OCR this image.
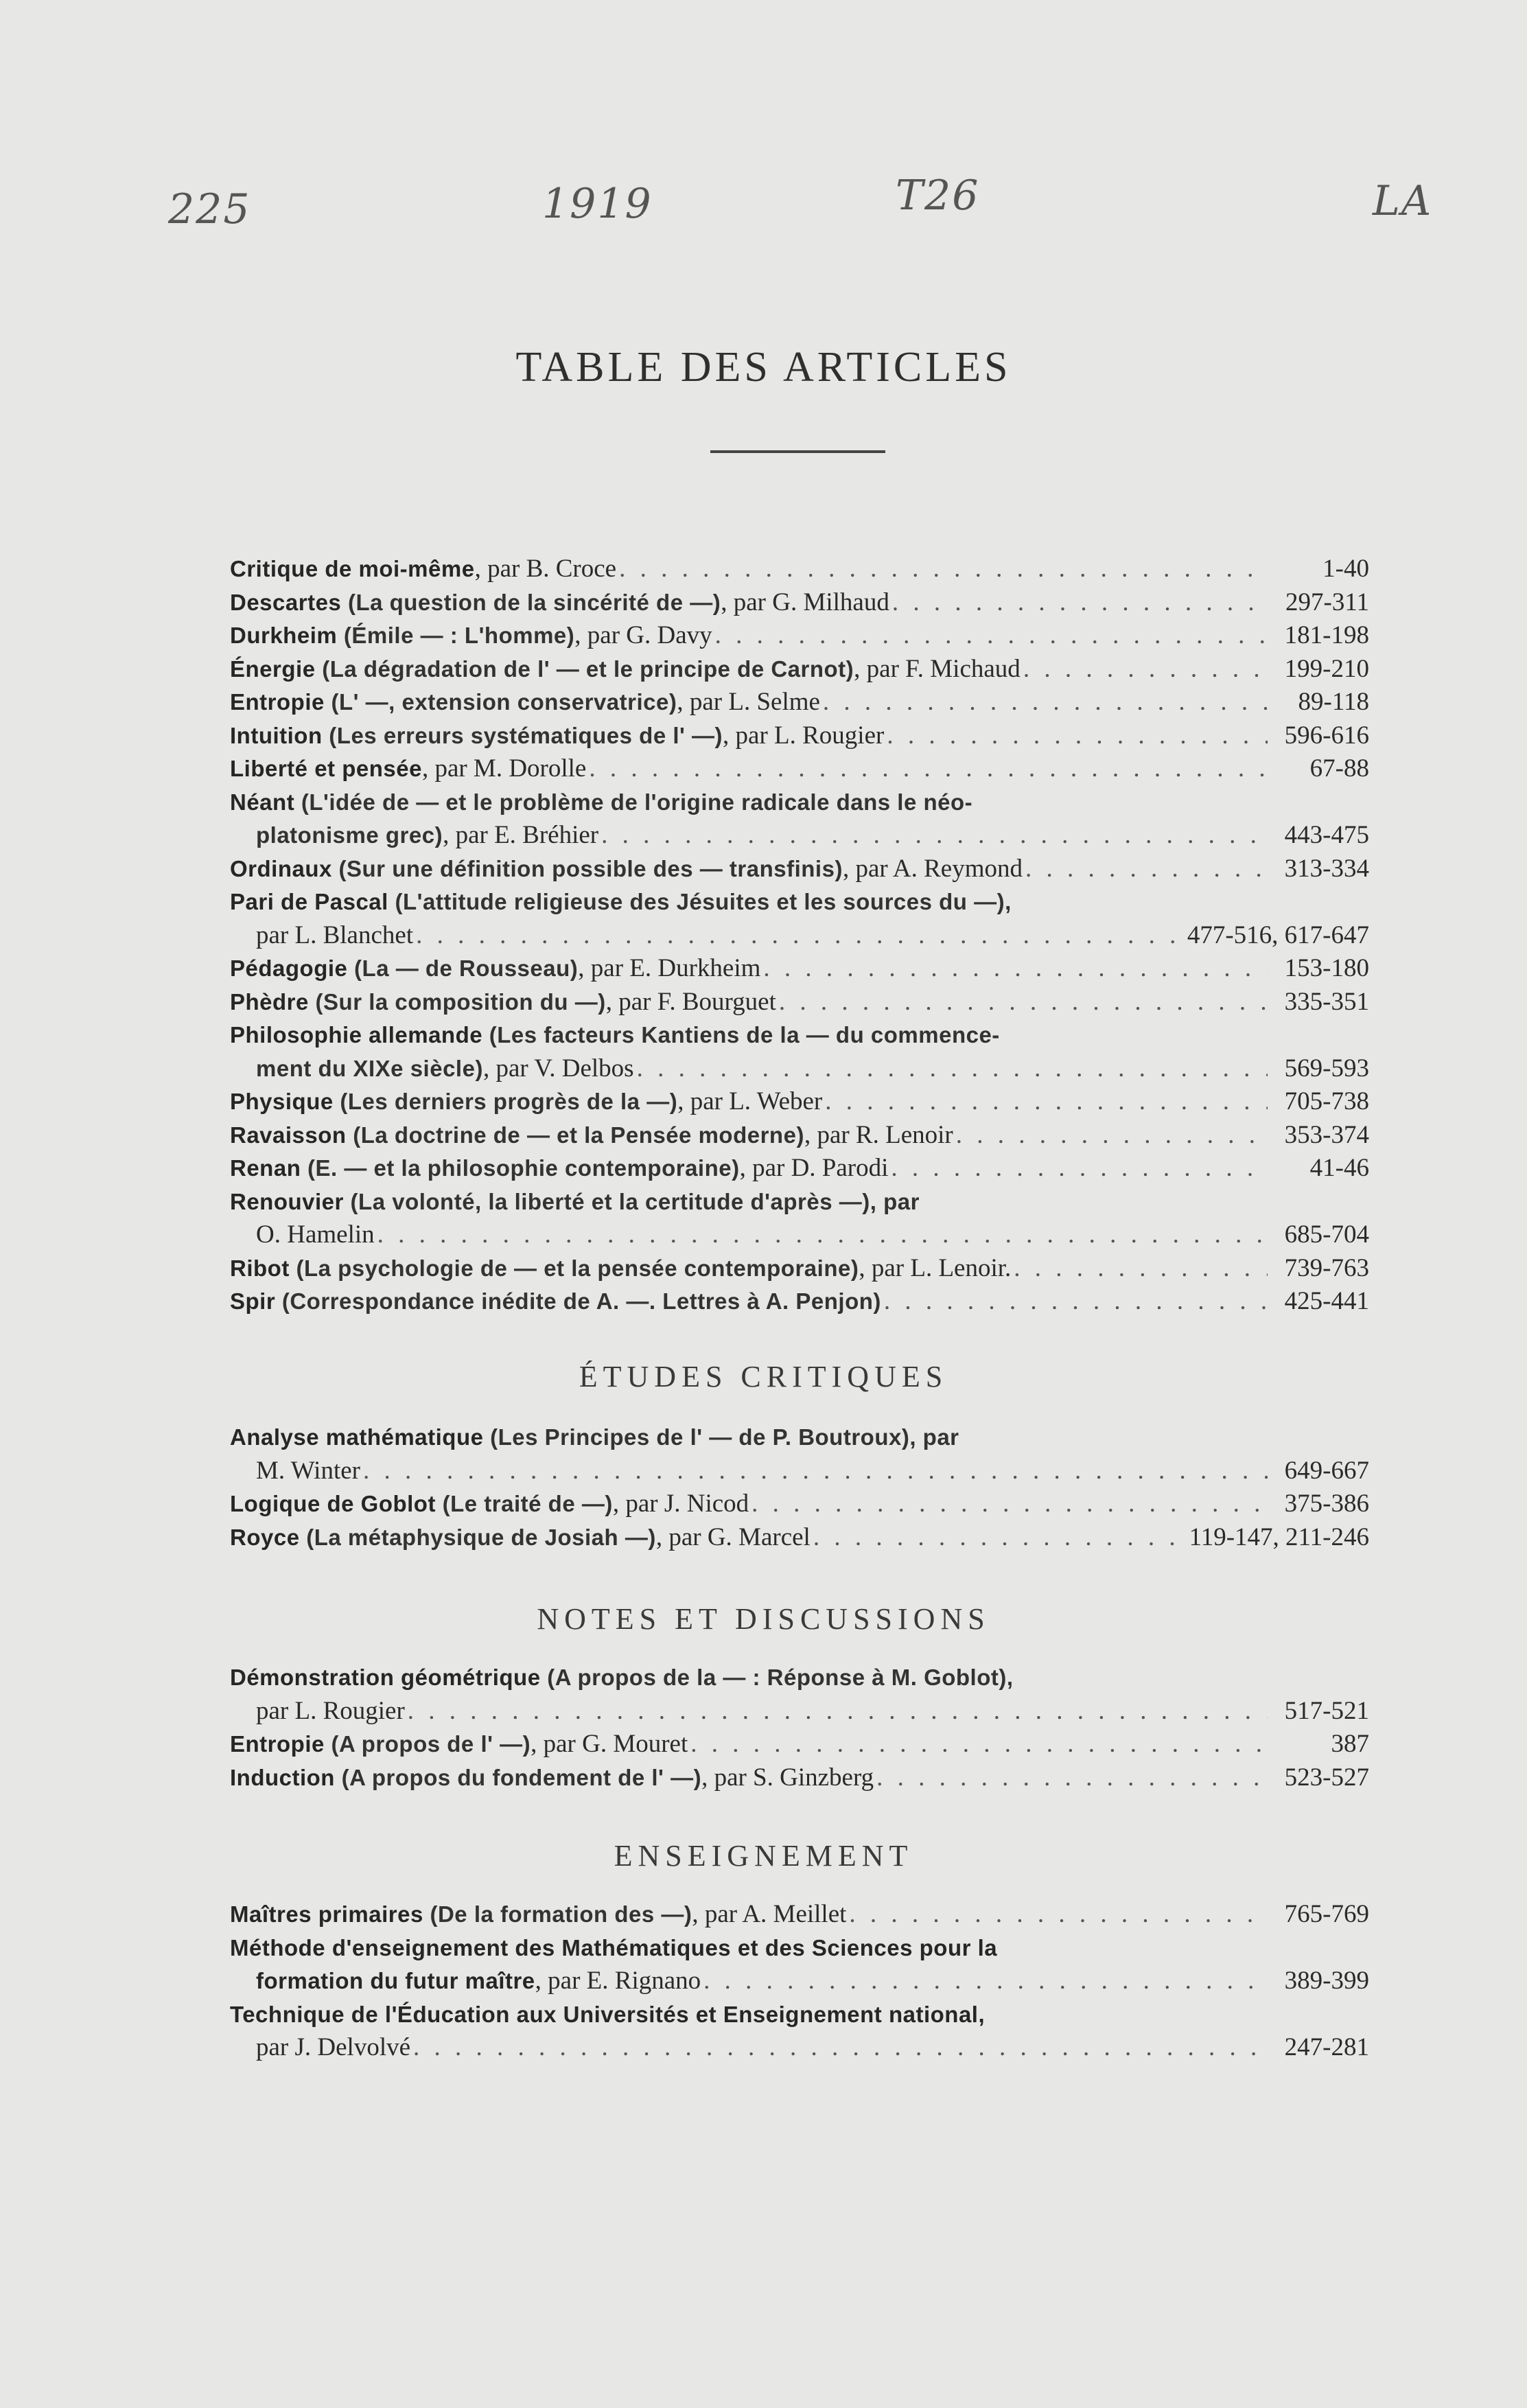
225	1919	T26	LA
TABLE DES ARTICLES
Critique de moi-même, par B. Croce . . .	1-40
Descartes (La question de la sincérité de —), par G. Milhaud . . .	297-311
Durkheim (Émile — : L'homme), par G. Davy . . .	181-198
Énergie (La dégradation de l' — et le principe de Carnot), par F. Michaud . . .	199-210
Entropie (L' —, extension conservatrice), par L. Selme . . .	89-118
Intuition (Les erreurs systématiques de l' —), par L. Rougier . . .	596-616
Liberté et pensée, par M. Dorolle . . .	67-88
Néant (L'idée de — et le problème de l'origine radicale dans le néo-
platonisme grec), par E. Bréhier . . .	443-475
Ordinaux (Sur une définition possible des — transfinis), par A. Reymond . . .	313-334
Pari de Pascal (L'attitude religieuse des Jésuites et les sources du —),
par L. Blanchet . . .	477-516, 617-647
Pédagogie (La — de Rousseau), par E. Durkheim . . .	153-180
Phèdre (Sur la composition du —), par F. Bourguet . . .	335-351
Philosophie allemande (Les facteurs Kantiens de la — du commence-
ment du XIXe siècle), par V. Delbos . . .	569-593
Physique (Les derniers progrès de la —), par L. Weber . . .	705-738
Ravaisson (La doctrine de — et la Pensée moderne), par R. Lenoir . . .	353-374
Renan (E. — et la philosophie contemporaine), par D. Parodi . . .	41-46
Renouvier (La volonté, la liberté et la certitude d'après —), par
O. Hamelin . . .	685-704
Ribot (La psychologie de — et la pensée contemporaine), par L. Lenoir. . . .	739-763
Spir (Correspondance inédite de A. —. Lettres à A. Penjon) . . .	425-441
ÉTUDES CRITIQUES
Analyse mathématique (Les Principes de l' — de P. Boutroux), par
M. Winter . . .	649-667
Logique de Goblot (Le traité de —), par J. Nicod . . .	375-386
Royce (La métaphysique de Josiah —), par G. Marcel . . .	119-147, 211-246
NOTES ET DISCUSSIONS
Démonstration géométrique (A propos de la — : Réponse à M. Goblot),
par L. Rougier . . .	517-521
Entropie (A propos de l' —), par G. Mouret . . .	387
Induction (A propos du fondement de l' —), par S. Ginzberg . . .	523-527
ENSEIGNEMENT
Maîtres primaires (De la formation des —), par A. Meillet . . .	765-769
Méthode d'enseignement des Mathématiques et des Sciences pour la
formation du futur maître, par E. Rignano . . .	389-399
Technique de l'Éducation aux Universités et Enseignement national,
par J. Delvolvé . . .	247-281
